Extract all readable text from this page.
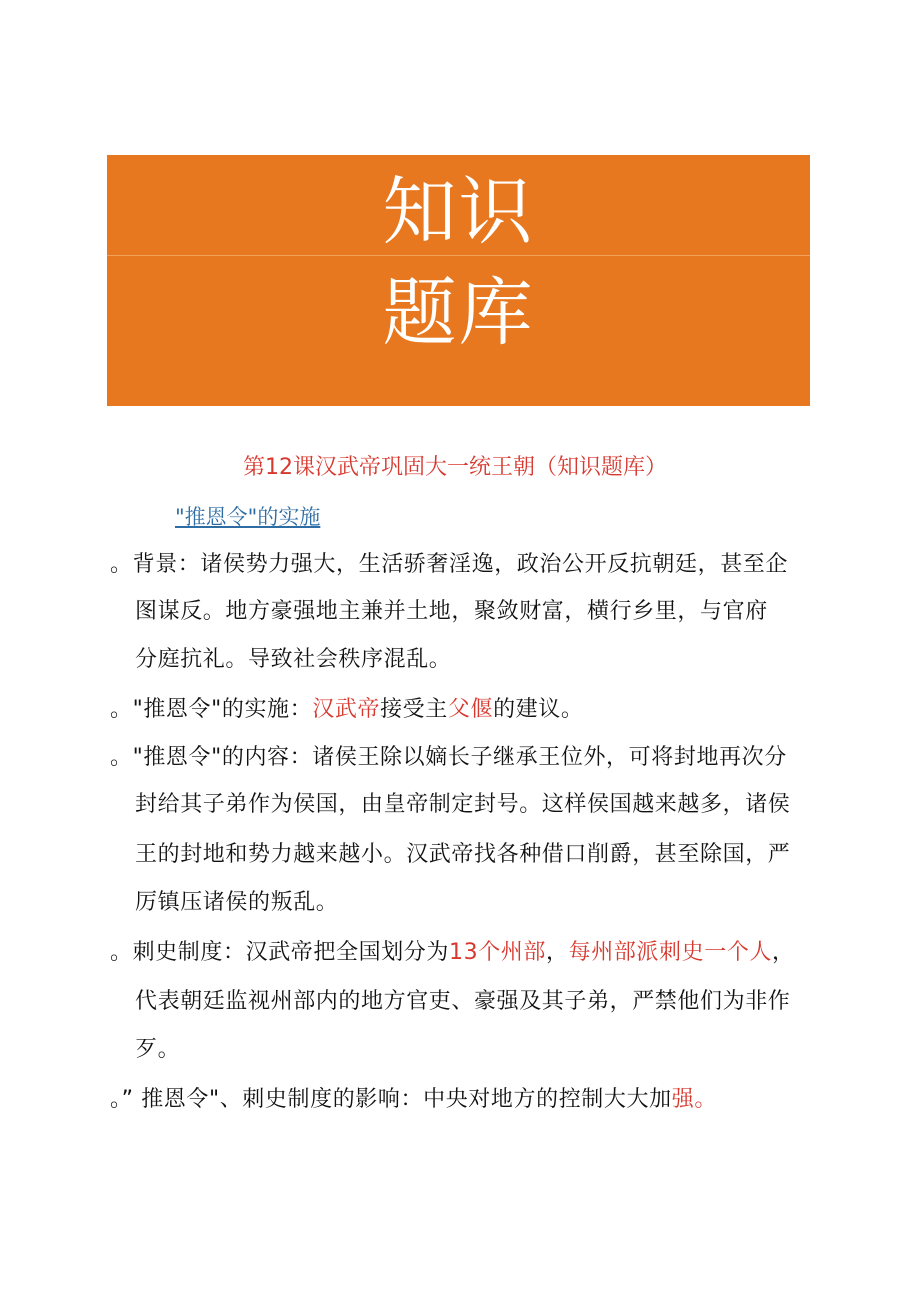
知识
题库
第12课汉武帝巩固大一统王朝（知识题库）
"推恩令"的实施
。背景：诸侯势力强大，生活骄奢淫逸，政治公开反抗朝廷，甚至企
图谋反。地方豪强地主兼并土地，聚敛财富，横行乡里，与官府
分庭抗礼。导致社会秩序混乱。
。"推恩令"的实施：汉武帝接受主父偃的建议。
。"推恩令"的内容：诸侯王除以嫡长子继承王位外，可将封地再次分
封给其子弟作为侯国，由皇帝制定封号。这样侯国越来越多，诸侯
王的封地和势力越来越小。汉武帝找各种借口削爵，甚至除国，严
厉镇压诸侯的叛乱。
。刺史制度：汉武帝把全国划分为13个州部，每州部派刺史一个人，
代表朝廷监视州部内的地方官吏、豪强及其子弟，严禁他们为非作
歹。
。” 推恩令"、刺史制度的影响：中央对地方的控制大大加强。
